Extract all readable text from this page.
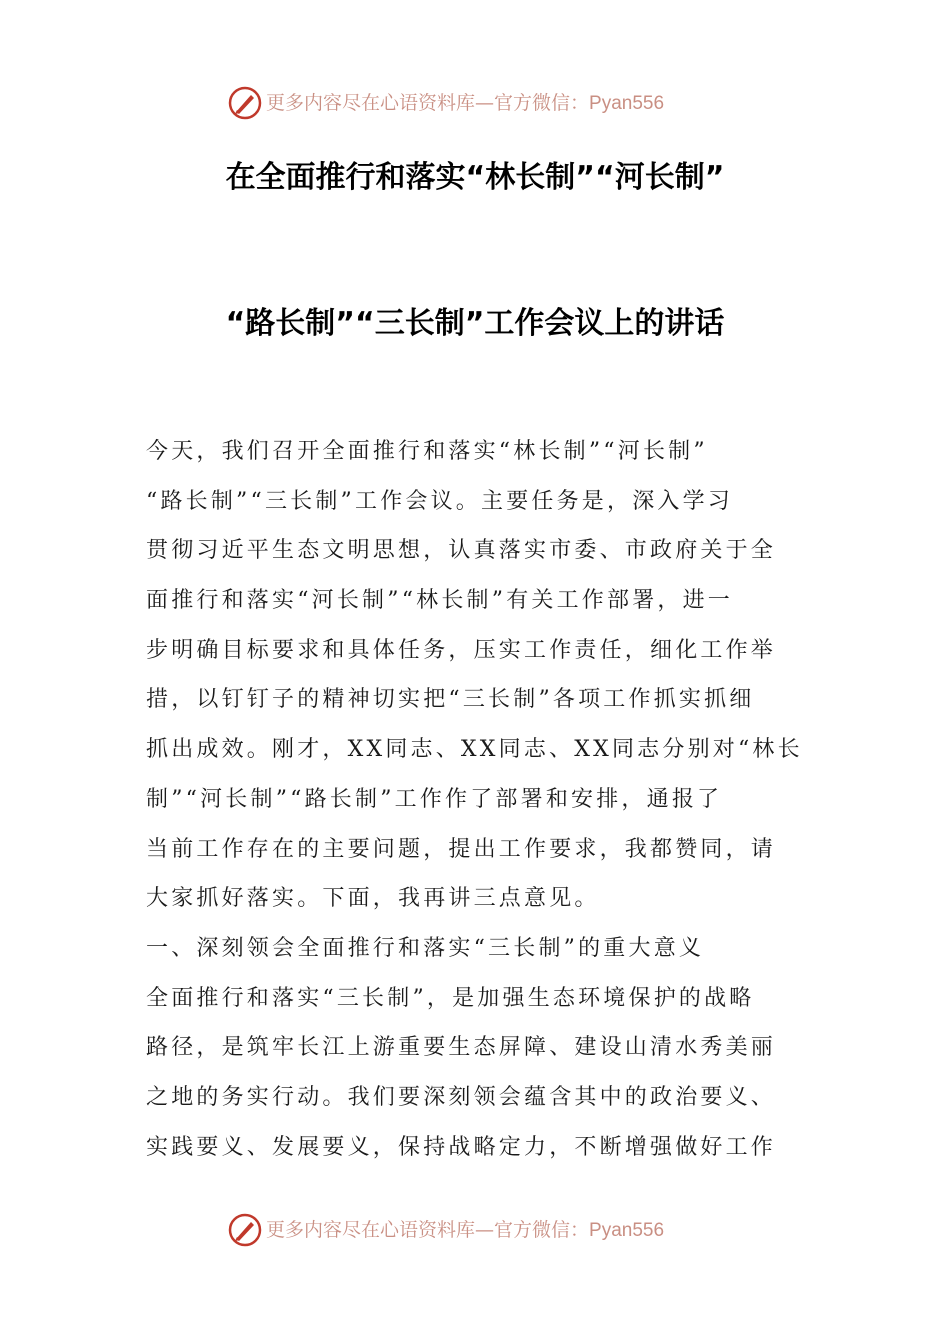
更多内容尽在心语资料库—官方微信：Pyan556
在全面推行和落实“林长制”“河长制”
“路长制”“三长制”工作会议上的讲话
今天，我们召开全面推行和落实“林长制”“河长制”
“路长制”“三长制”工作会议。主要任务是，深入学习
贯彻习近平生态文明思想，认真落实市委、市政府关于全
面推行和落实“河长制”“林长制”有关工作部署，进一
步明确目标要求和具体任务，压实工作责任，细化工作举
措，以钉钉子的精神切实把“三长制”各项工作抓实抓细
抓出成效。刚才，XX同志、XX同志、XX同志分别对“林长
制”“河长制”“路长制”工作作了部署和安排，通报了
当前工作存在的主要问题，提出工作要求，我都赞同，请
大家抓好落实。下面，我再讲三点意见。
一、深刻领会全面推行和落实“三长制”的重大意义
全面推行和落实“三长制”，是加强生态环境保护的战略
路径，是筑牢长江上游重要生态屏障、建设山清水秀美丽
之地的务实行动。我们要深刻领会蕴含其中的政治要义、
实践要义、发展要义，保持战略定力，不断增强做好工作
更多内容尽在心语资料库—官方微信：Pyan556
